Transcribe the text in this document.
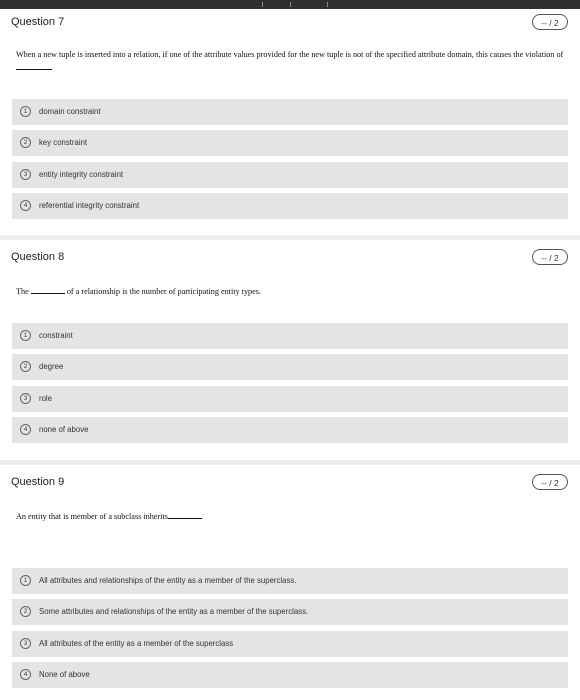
Question 7	-- / 2
When a new tuple is inserted into a relation, if one of the attribute values provided for the new tuple is not of the specified attribute domain, this causes the violation of
1	domain constraint
2	key constraint
3	entity integrity constraint
4	referential integrity constraint
Question 8	-- / 2
The	of a relationship is the number of participating entity types.
1	constraint
2	degree
3	role
4	none of above
Question 9	-- / 2
An entity that is member of a subclass inherits
1	All attributes and relationships of the entity as a member of the superclass.
2	Some attributes and relationships of the entity as a member of the superclass.
3	All attributes of the entity as a member of the superclass
4	None of above
